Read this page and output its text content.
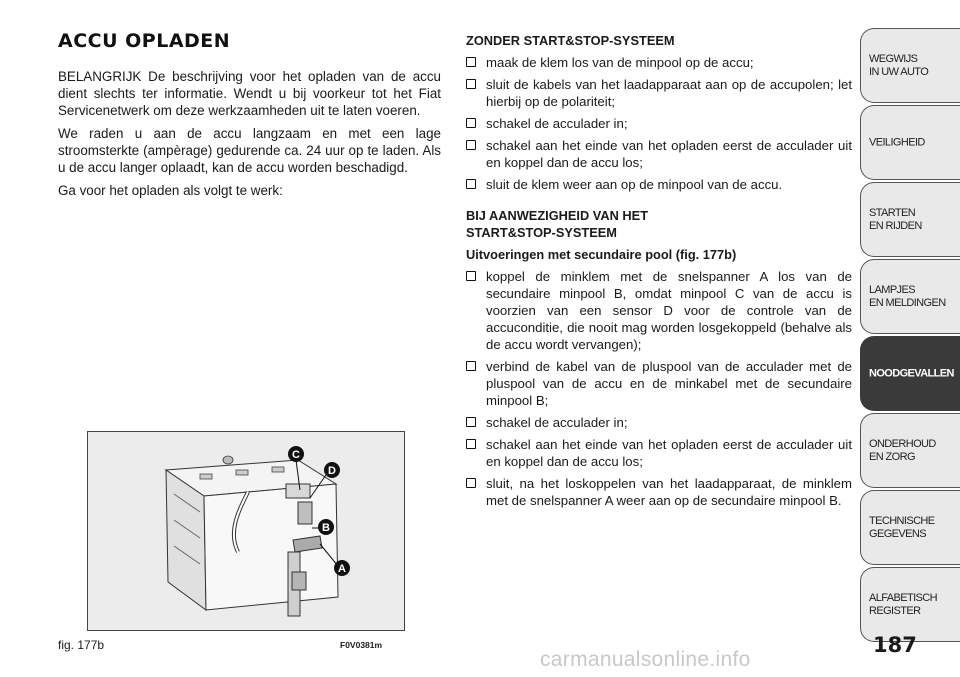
ACCU OPLADEN

BELANGRIJK De beschrijving voor het opladen van de accu dient slechts ter informatie. Wendt u bij voorkeur tot het Fiat Servicenetwerk om deze werkzaamheden uit te laten voeren.

We raden u aan de accu langzaam en met een lage stroomsterkte (ampèrage) gedurende ca. 24 uur op te laden. Als u de accu langer oplaadt, kan de accu worden beschadigd.

Ga voor het opladen als volgt te werk:

ZONDER START&STOP-SYSTEEM
maak de klem los van de minpool op de accu;
sluit de kabels van het laadapparaat aan op de accupolen; let hierbij op de polariteit;
schakel de acculader in;
schakel aan het einde van het opladen eerst de acculader uit en koppel dan de accu los;
sluit de klem weer aan op de minpool van de accu.
BIJ AANWEZIGHEID VAN HET
START&STOP-SYSTEEM
Uitvoeringen met secundaire pool (fig. 177b)
koppel de minklem met de snelspanner A los van de secundaire minpool B, omdat minpool C van de accu is voorzien van een sensor D voor de controle van de accuconditie, die nooit mag worden losgekoppeld (behalve als de accu wordt vervangen);
verbind de kabel van de pluspool van de acculader met de pluspool van de accu en de minkabel met de secundaire minpool B;
schakel de acculader in;
schakel aan het einde van het opladen eerst de acculader uit en koppel dan de accu los;
sluit, na het loskoppelen van het laadapparaat, de minklem met de snelspanner A weer aan op de secundaire minpool B.
C
D
B
A
fig. 177b	F0V0381m
WEGWIJS
IN UW AUTO
VEILIGHEID
STARTEN
EN RIJDEN
LAMPJES
EN MELDINGEN
NOODGEVALLEN
ONDERHOUD
EN ZORG
TECHNISCHE
GEGEVENS
ALFABETISCH
REGISTER
187
carmanualsonline.info
